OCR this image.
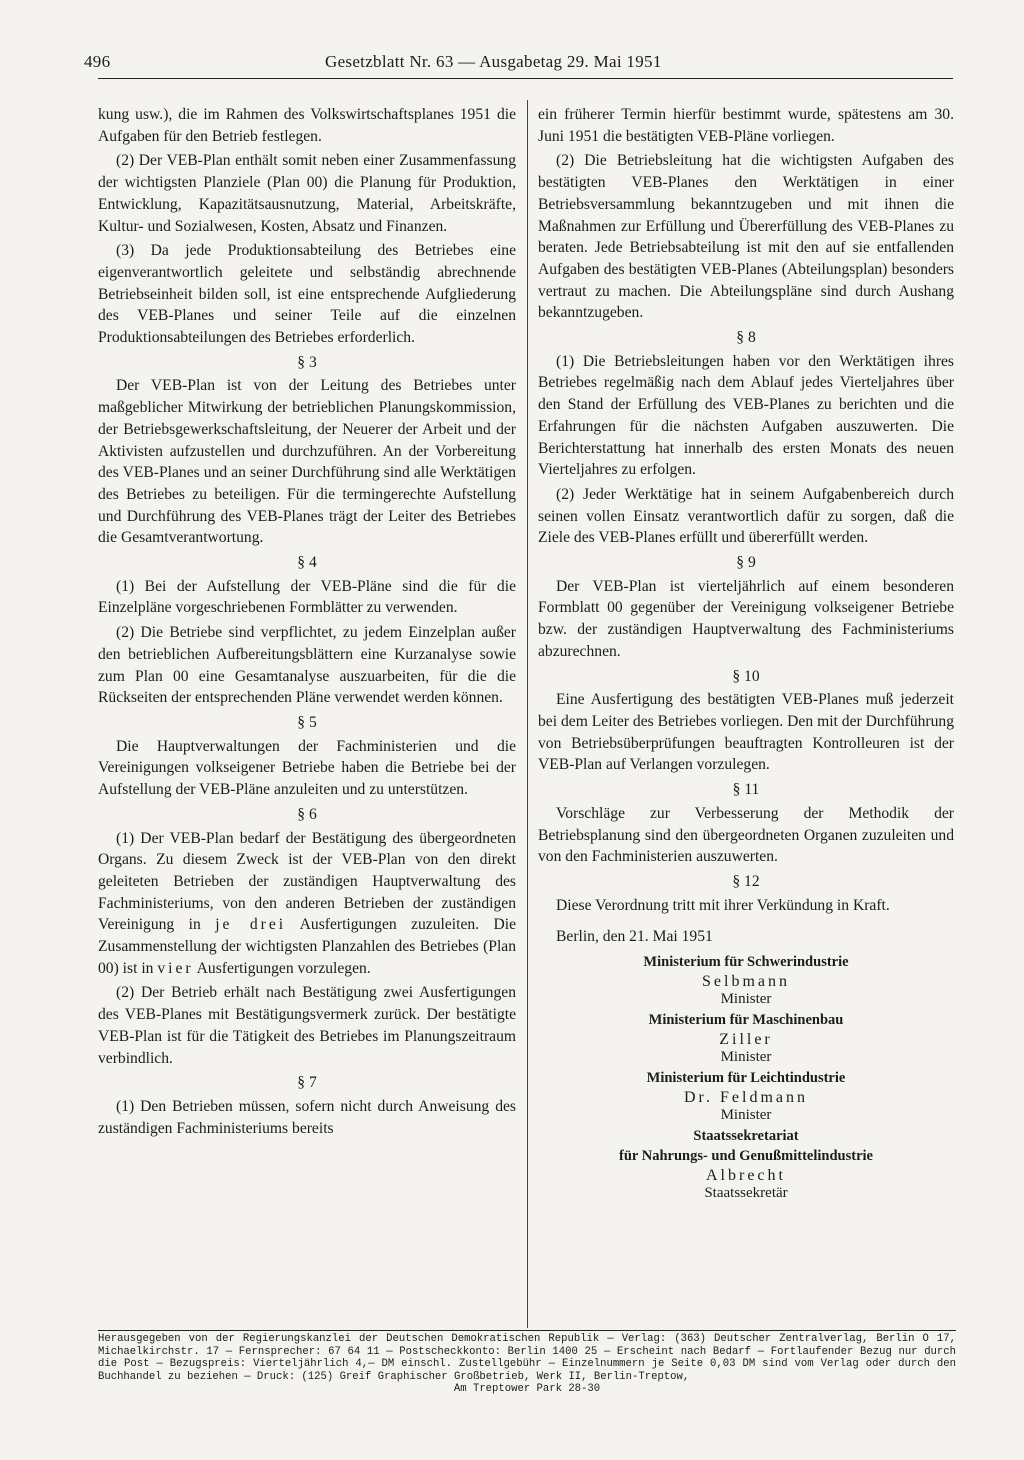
496	Gesetzblatt Nr. 63 — Ausgabetag 29. Mai 1951

kung usw.), die im Rahmen des Volkswirtschaftsplanes 1951 die Aufgaben für den Betrieb festlegen.

(2) Der VEB-Plan enthält somit neben einer Zusammenfassung der wichtigsten Planziele (Plan 00) die Planung für Produktion, Entwicklung, Kapazitätsausnutzung, Material, Arbeitskräfte, Kultur- und Sozialwesen, Kosten, Absatz und Finanzen.

(3) Da jede Produktionsabteilung des Betriebes eine eigenverantwortlich geleitete und selbständig abrechnende Betriebseinheit bilden soll, ist eine entsprechende Aufgliederung des VEB-Planes und seiner Teile auf die einzelnen Produktionsabteilungen des Betriebes erforderlich.

§ 3

Der VEB-Plan ist von der Leitung des Betriebes unter maßgeblicher Mitwirkung der betrieblichen Planungskommission, der Betriebsgewerkschaftsleitung, der Neuerer der Arbeit und der Aktivisten aufzustellen und durchzuführen. An der Vorbereitung des VEB-Planes und an seiner Durchführung sind alle Werktätigen des Betriebes zu beteiligen. Für die termingerechte Aufstellung und Durchführung des VEB-Planes trägt der Leiter des Betriebes die Gesamtverantwortung.

§ 4

(1) Bei der Aufstellung der VEB-Pläne sind die für die Einzelpläne vorgeschriebenen Formblätter zu verwenden.

(2) Die Betriebe sind verpflichtet, zu jedem Einzelplan außer den betrieblichen Aufbereitungsblättern eine Kurzanalyse sowie zum Plan 00 eine Gesamtanalyse auszuarbeiten, für die die Rückseiten der entsprechenden Pläne verwendet werden können.

§ 5

Die Hauptverwaltungen der Fachministerien und die Vereinigungen volkseigener Betriebe haben die Betriebe bei der Aufstellung der VEB-Pläne anzuleiten und zu unterstützen.

§ 6

(1) Der VEB-Plan bedarf der Bestätigung des übergeordneten Organs. Zu diesem Zweck ist der VEB-Plan von den direkt geleiteten Betrieben der zuständigen Hauptverwaltung des Fachministeriums, von den anderen Betrieben der zuständigen Vereinigung in je drei Ausfertigungen zuzuleiten. Die Zusammenstellung der wichtigsten Planzahlen des Betriebes (Plan 00) ist in vier Ausfertigungen vorzulegen.

(2) Der Betrieb erhält nach Bestätigung zwei Ausfertigungen des VEB-Planes mit Bestätigungsvermerk zurück. Der bestätigte VEB-Plan ist für die Tätigkeit des Betriebes im Planungszeitraum verbindlich.

§ 7

(1) Den Betrieben müssen, sofern nicht durch Anweisung des zuständigen Fachministeriums bereits

ein früherer Termin hierfür bestimmt wurde, spätestens am 30. Juni 1951 die bestätigten VEB-Pläne vorliegen.

(2) Die Betriebsleitung hat die wichtigsten Aufgaben des bestätigten VEB-Planes den Werktätigen in einer Betriebsversammlung bekanntzugeben und mit ihnen die Maßnahmen zur Erfüllung und Übererfüllung des VEB-Planes zu beraten. Jede Betriebsabteilung ist mit den auf sie entfallenden Aufgaben des bestätigten VEB-Planes (Abteilungsplan) besonders vertraut zu machen. Die Abteilungspläne sind durch Aushang bekanntzugeben.

§ 8

(1) Die Betriebsleitungen haben vor den Werktätigen ihres Betriebes regelmäßig nach dem Ablauf jedes Vierteljahres über den Stand der Erfüllung des VEB-Planes zu berichten und die Erfahrungen für die nächsten Aufgaben auszuwerten. Die Berichterstattung hat innerhalb des ersten Monats des neuen Vierteljahres zu erfolgen.

(2) Jeder Werktätige hat in seinem Aufgabenbereich durch seinen vollen Einsatz verantwortlich dafür zu sorgen, daß die Ziele des VEB-Planes erfüllt und übererfüllt werden.

§ 9

Der VEB-Plan ist vierteljährlich auf einem besonderen Formblatt 00 gegenüber der Vereinigung volkseigener Betriebe bzw. der zuständigen Hauptverwaltung des Fachministeriums abzurechnen.

§ 10

Eine Ausfertigung des bestätigten VEB-Planes muß jederzeit bei dem Leiter des Betriebes vorliegen. Den mit der Durchführung von Betriebsüberprüfungen beauftragten Kontrolleuren ist der VEB-Plan auf Verlangen vorzulegen.

§ 11

Vorschläge zur Verbesserung der Methodik der Betriebsplanung sind den übergeordneten Organen zuzuleiten und von den Fachministerien auszuwerten.

§ 12

Diese Verordnung tritt mit ihrer Verkündung in Kraft.

Berlin, den 21. Mai 1951

Ministerium für Schwerindustrie
Selbmann
Minister
Ministerium für Maschinenbau
Ziller
Minister
Ministerium für Leichtindustrie
Dr. Feldmann
Minister
Staatssekretariat
für Nahrungs- und Genußmittelindustrie
Albrecht
Staatssekretär
Herausgegeben von der Regierungskanzlei der Deutschen Demokratischen Republik — Verlag: (363) Deutscher Zentralverlag, Berlin O 17, Michaelkirchstr. 17 — Fernsprecher: 67 64 11 — Postscheckkonto: Berlin 1400 25 — Erscheint nach Bedarf — Fortlaufender Bezug nur durch die Post — Bezugspreis: Vierteljährlich 4,— DM einschl. Zustellgebühr — Einzelnummern je Seite 0,03 DM sind vom Verlag oder durch den Buchhandel zu beziehen — Druck: (125) Greif Graphischer Großbetrieb, Werk II, Berlin-Treptow,
Am Treptower Park 28-30
